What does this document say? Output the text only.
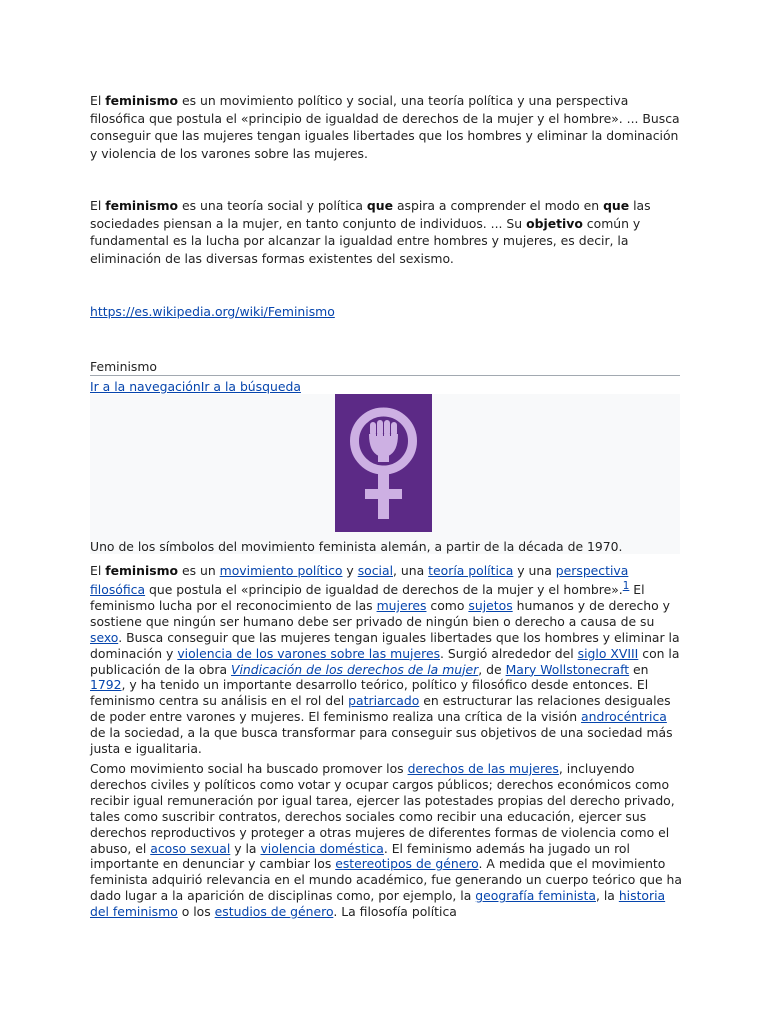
El feminismo es un movimiento político y social, una teoría política y una perspectiva filosófica que postula el «principio de igualdad de derechos de la mujer y el hombre». ... Busca conseguir que las mujeres tengan iguales libertades que los hombres y eliminar la dominación y violencia de los varones sobre las mujeres.

El feminismo es una teoría social y política que aspira a comprender el modo en que las sociedades piensan a la mujer, en tanto conjunto de individuos. ... Su objetivo común y fundamental es la lucha por alcanzar la igualdad entre hombres y mujeres, es decir, la eliminación de las diversas formas existentes del sexismo.

https://es.wikipedia.org/wiki/Feminismo
Feminismo
Ir a la navegaciónIr a la búsqueda
Uno de los símbolos del movimiento feminista alemán, a partir de la década de 1970.

El feminismo es un movimiento político y social, una teoría política y una perspectiva filosófica que postula el «principio de igualdad de derechos de la mujer y el hombre».$^1$ El feminismo lucha por el reconocimiento de las mujeres como sujetos humanos y de derecho y sostiene que ningún ser humano debe ser privado de ningún bien o derecho a causa de su sexo. Busca conseguir que las mujeres tengan iguales libertades que los hombres y eliminar la dominación y violencia de los varones sobre las mujeres. Surgió alrededor del siglo XVIII con la publicación de la obra Vindicación de los derechos de la mujer, de Mary Wollstonecraft en 1792, y ha tenido un importante desarrollo teórico, político y filosófico desde entonces. El feminismo centra su análisis en el rol del patriarcado en estructurar las relaciones desiguales de poder entre varones y mujeres. El feminismo realiza una crítica de la visión androcéntrica de la sociedad, a la que busca transformar para conseguir sus objetivos de una sociedad más justa e igualitaria.

Como movimiento social ha buscado promover los derechos de las mujeres, incluyendo derechos civiles y políticos como votar y ocupar cargos públicos; derechos económicos como recibir igual remuneración por igual tarea, ejercer las potestades propias del derecho privado, tales como suscribir contratos, derechos sociales como recibir una educación, ejercer sus derechos reproductivos y proteger a otras mujeres de diferentes formas de violencia como el abuso, el acoso sexual y la violencia doméstica. El feminismo además ha jugado un rol importante en denunciar y cambiar los estereotipos de género. A medida que el movimiento feminista adquirió relevancia en el mundo académico, fue generando un cuerpo teórico que ha dado lugar a la aparición de disciplinas como, por ejemplo, la geografía feminista, la historia del feminismo o los estudios de género. La filosofía política
